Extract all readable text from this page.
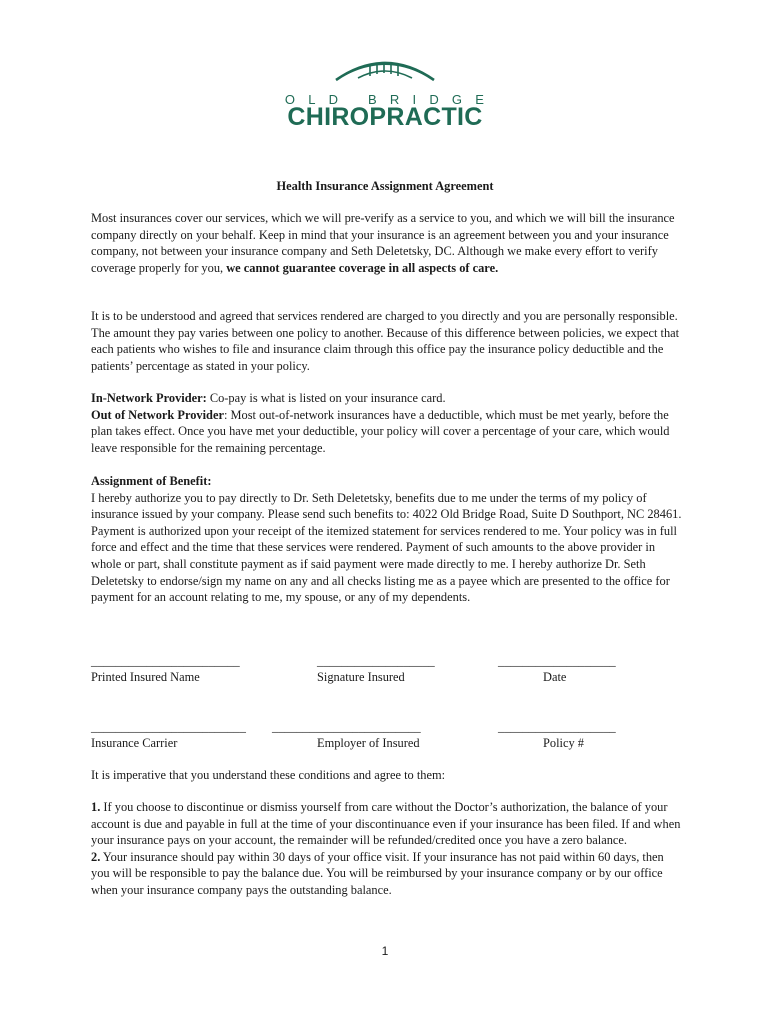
OLD BRIDGE
CHIROPRACTIC
Health Insurance Assignment Agreement

Most insurances cover our services, which we will pre-verify as a service to you, and which we will bill the insurance company directly on your behalf. Keep in mind that your insurance is an agreement between you and your insurance company, not between your insurance company and Seth Deletetsky, DC. Although we make every effort to verify coverage properly for you, we cannot guarantee coverage in all aspects of care.

It is to be understood and agreed that services rendered are charged to you directly and you are personally responsible. The amount they pay varies between one policy to another. Because of this difference between policies, we expect that each patients who wishes to file and insurance claim through this office pay the insurance policy deductible and the patients’ percentage as stated in your policy.

In-Network Provider: Co-pay is what is listed on your insurance card.
Out of Network Provider: Most out-of-network insurances have a deductible, which must be met yearly, before the plan takes effect. Once you have met your deductible, your policy will cover a percentage of your care, which would leave responsible for the remaining percentage.

Assignment of Benefit:
I hereby authorize you to pay directly to Dr. Seth Deletetsky, benefits due to me under the terms of my policy of insurance issued by your company. Please send such benefits to: 4022 Old Bridge Road, Suite D Southport, NC 28461. Payment is authorized upon your receipt of the itemized statement for services rendered to me. Your policy was in full force and effect and the time that these services were rendered. Payment of such amounts to the above provider in whole or part, shall constitute payment as if said payment were made directly to me. I hereby authorize Dr. Seth Deletetsky to endorse/sign my name on any and all checks listing me as a payee which are presented to the office for payment for an account relating to me, my spouse, or any of my dependents.

________________________	___________________	___________________
Printed Insured Name	Signature Insured	Date
_________________________ ________________________	___________________
Insurance Carrier	Employer of Insured	Policy #

It is imperative that you understand these conditions and agree to them:

1. If you choose to discontinue or dismiss yourself from care without the Doctor’s authorization, the balance of your account is due and payable in full at the time of your discontinuance even if your insurance has been filed. If and when your insurance pays on your account, the remainder will be refunded/credited once you have a zero balance.
2. Your insurance should pay within 30 days of your office visit. If your insurance has not paid within 60 days, then you will be responsible to pay the balance due. You will be reimbursed by your insurance company or by our office when your insurance company pays the outstanding balance.

1
